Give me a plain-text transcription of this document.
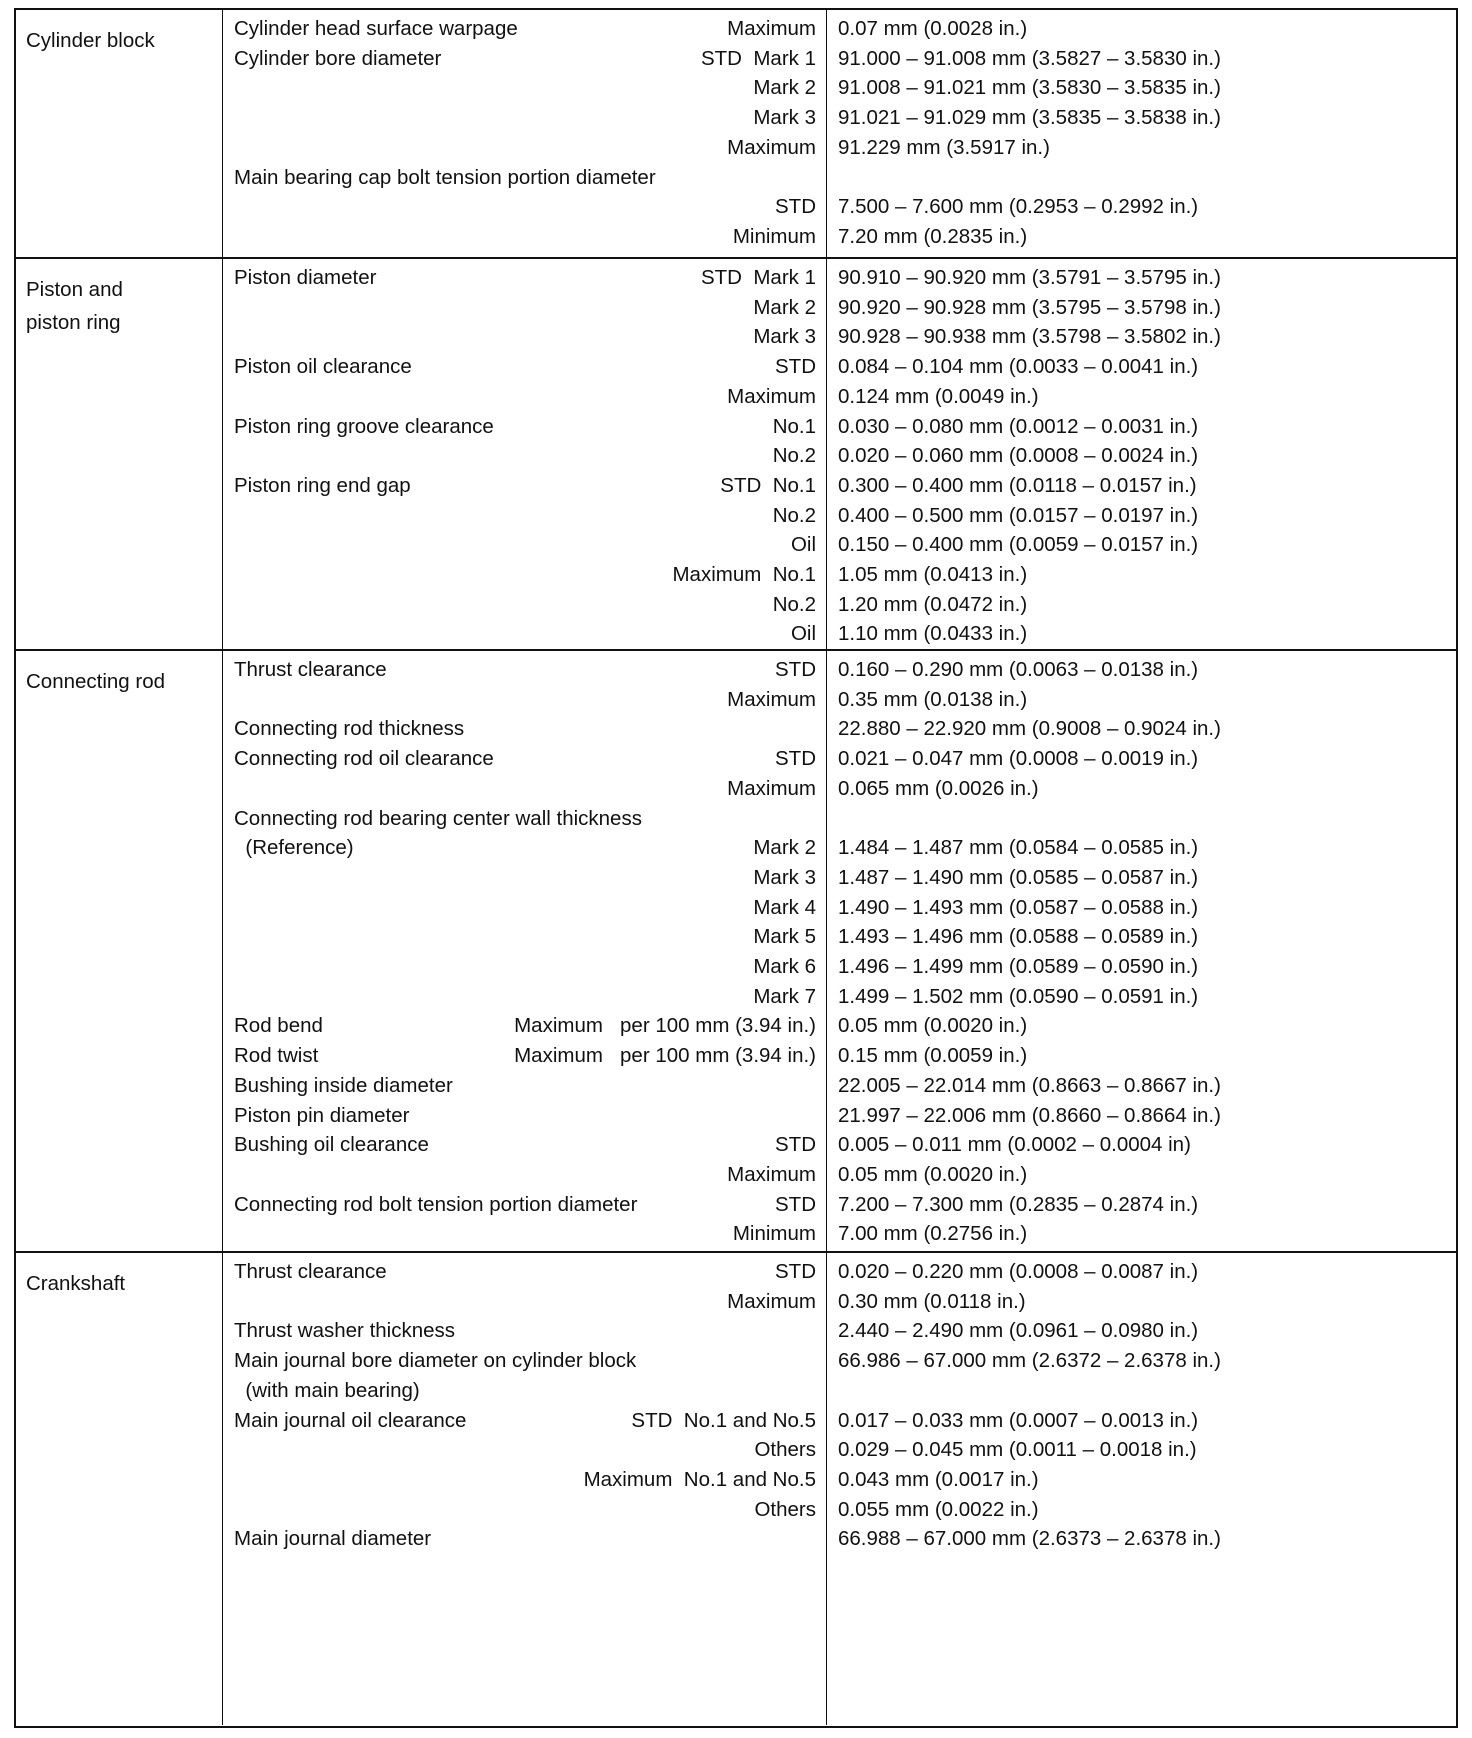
Cylinder block
Cylinder head surface warpage	Maximum 0.07 mm (0.0028 in.)
Cylinder bore diameter	STD  Mark 1 91.000 – 91.008 mm (3.5827 – 3.5830 in.)
Mark 2 91.008 – 91.021 mm (3.5830 – 3.5835 in.)
Mark 3 91.021 – 91.029 mm (3.5835 – 3.5838 in.)
Maximum 91.229 mm (3.5917 in.)
Main bearing cap bolt tension portion diameter
STD 7.500 – 7.600 mm (0.2953 – 0.2992 in.)
Minimum 7.20 mm (0.2835 in.)
Piston and
piston ring
Piston diameter	STD  Mark 1 90.910 – 90.920 mm (3.5791 – 3.5795 in.)
Mark 2 90.920 – 90.928 mm (3.5795 – 3.5798 in.)
Mark 3 90.928 – 90.938 mm (3.5798 – 3.5802 in.)
Piston oil clearance	STD 0.084 – 0.104 mm (0.0033 – 0.0041 in.)
Maximum 0.124 mm (0.0049 in.)
Piston ring groove clearance	No.1 0.030 – 0.080 mm (0.0012 – 0.0031 in.)
No.2 0.020 – 0.060 mm (0.0008 – 0.0024 in.)
Piston ring end gap	STD  No.1 0.300 – 0.400 mm (0.0118 – 0.0157 in.)
No.2 0.400 – 0.500 mm (0.0157 – 0.0197 in.)
Oil 0.150 – 0.400 mm (0.0059 – 0.0157 in.)
Maximum  No.1 1.05 mm (0.0413 in.)
No.2 1.20 mm (0.0472 in.)
Oil 1.10 mm (0.0433 in.)
Connecting rod
Thrust clearance	STD 0.160 – 0.290 mm (0.0063 – 0.0138 in.)
Maximum 0.35 mm (0.0138 in.)
Connecting rod thickness	22.880 – 22.920 mm (0.9008 – 0.9024 in.)
Connecting rod oil clearance	STD 0.021 – 0.047 mm (0.0008 – 0.0019 in.)
Maximum 0.065 mm (0.0026 in.)
Connecting rod bearing center wall thickness
(Reference)	Mark 2 1.484 – 1.487 mm (0.0584 – 0.0585 in.)
Mark 3 1.487 – 1.490 mm (0.0585 – 0.0587 in.)
Mark 4 1.490 – 1.493 mm (0.0587 – 0.0588 in.)
Mark 5 1.493 – 1.496 mm (0.0588 – 0.0589 in.)
Mark 6 1.496 – 1.499 mm (0.0589 – 0.0590 in.)
Mark 7 1.499 – 1.502 mm (0.0590 – 0.0591 in.)
Rod bend	Maximum   per 100 mm (3.94 in.) 0.05 mm (0.0020 in.)
Rod twist	Maximum   per 100 mm (3.94 in.) 0.15 mm (0.0059 in.)
Bushing inside diameter	22.005 – 22.014 mm (0.8663 – 0.8667 in.)
Piston pin diameter	21.997 – 22.006 mm (0.8660 – 0.8664 in.)
Bushing oil clearance	STD 0.005 – 0.011 mm (0.0002 – 0.0004 in)
Maximum 0.05 mm (0.0020 in.)
Connecting rod bolt tension portion diameter	STD 7.200 – 7.300 mm (0.2835 – 0.2874 in.)
Minimum 7.00 mm (0.2756 in.)
Crankshaft
Thrust clearance	STD 0.020 – 0.220 mm (0.0008 – 0.0087 in.)
Maximum 0.30 mm (0.0118 in.)
Thrust washer thickness	2.440 – 2.490 mm (0.0961 – 0.0980 in.)
Main journal bore diameter on cylinder block	66.986 – 67.000 mm (2.6372 – 2.6378 in.)
(with main bearing)
Main journal oil clearance	STD  No.1 and No.5 0.017 – 0.033 mm (0.0007 – 0.0013 in.)
Others 0.029 – 0.045 mm (0.0011 – 0.0018 in.)
Maximum  No.1 and No.5 0.043 mm (0.0017 in.)
Others 0.055 mm (0.0022 in.)
Main journal diameter	66.988 – 67.000 mm (2.6373 – 2.6378 in.)
